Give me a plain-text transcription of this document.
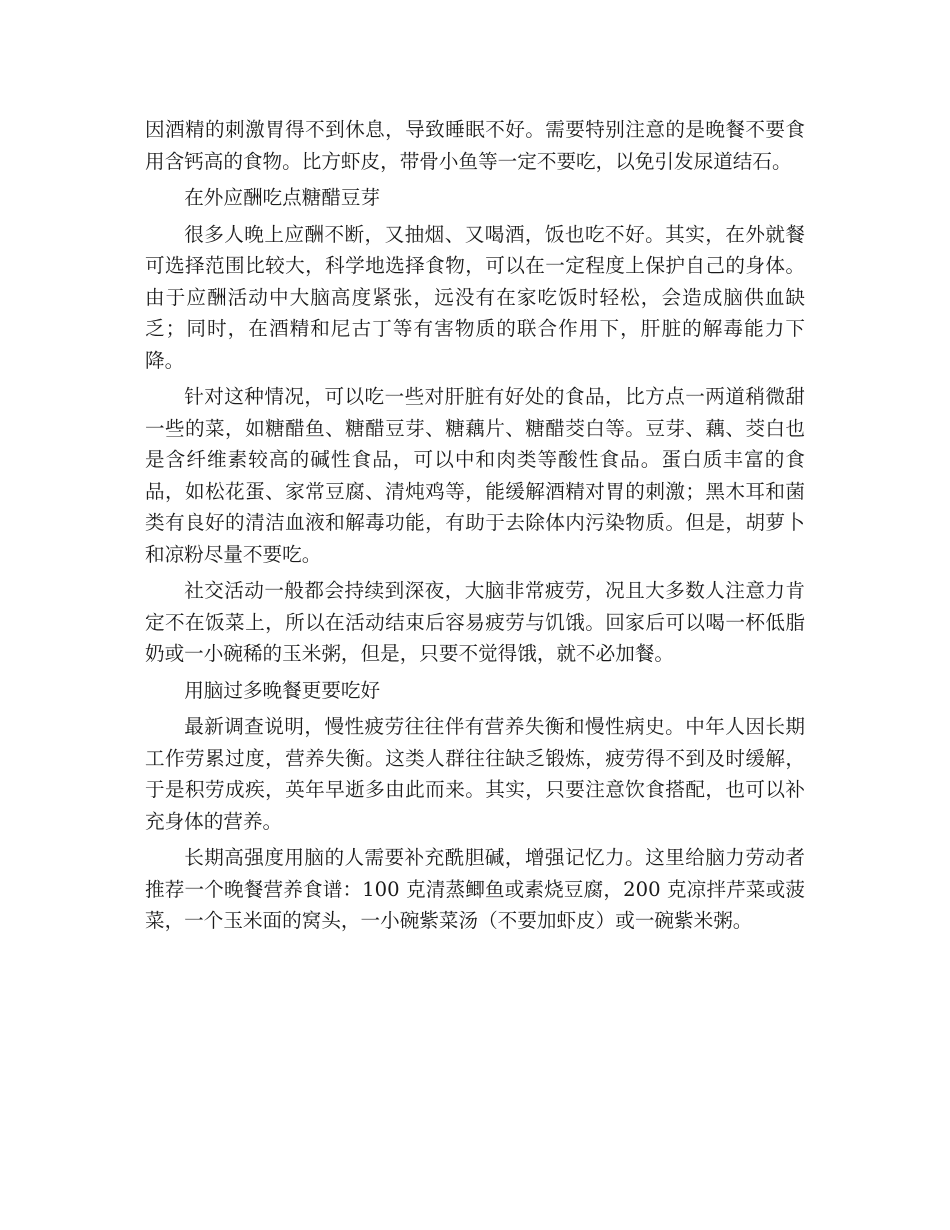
因酒精的刺激胃得不到休息，导致睡眠不好。需要特别注意的是晚餐不要食用含钙高的食物。比方虾皮，带骨小鱼等一定不要吃，以免引发尿道结石。

在外应酬吃点糖醋豆芽

很多人晚上应酬不断，又抽烟、又喝酒，饭也吃不好。其实，在外就餐可选择范围比较大，科学地选择食物，可以在一定程度上保护自己的身体。由于应酬活动中大脑高度紧张，远没有在家吃饭时轻松，会造成脑供血缺乏；同时，在酒精和尼古丁等有害物质的联合作用下，肝脏的解毒能力下降。

针对这种情况，可以吃一些对肝脏有好处的食品，比方点一两道稍微甜一些的菜，如糖醋鱼、糖醋豆芽、糖藕片、糖醋茭白等。豆芽、藕、茭白也是含纤维素较高的碱性食品，可以中和肉类等酸性食品。蛋白质丰富的食品，如松花蛋、家常豆腐、清炖鸡等，能缓解酒精对胃的刺激；黑木耳和菌类有良好的清洁血液和解毒功能，有助于去除体内污染物质。但是，胡萝卜和凉粉尽量不要吃。

社交活动一般都会持续到深夜，大脑非常疲劳，况且大多数人注意力肯定不在饭菜上，所以在活动结束后容易疲劳与饥饿。回家后可以喝一杯低脂奶或一小碗稀的玉米粥，但是，只要不觉得饿，就不必加餐。

用脑过多晚餐更要吃好

最新调查说明，慢性疲劳往往伴有营养失衡和慢性病史。中年人因长期工作劳累过度，营养失衡。这类人群往往缺乏锻炼，疲劳得不到及时缓解，于是积劳成疾，英年早逝多由此而来。其实，只要注意饮食搭配，也可以补充身体的营养。

长期高强度用脑的人需要补充酰胆碱，增强记忆力。这里给脑力劳动者推荐一个晚餐营养食谱：100 克清蒸鲫鱼或素烧豆腐，200 克凉拌芹菜或菠菜，一个玉米面的窝头，一小碗紫菜汤（不要加虾皮）或一碗紫米粥。
